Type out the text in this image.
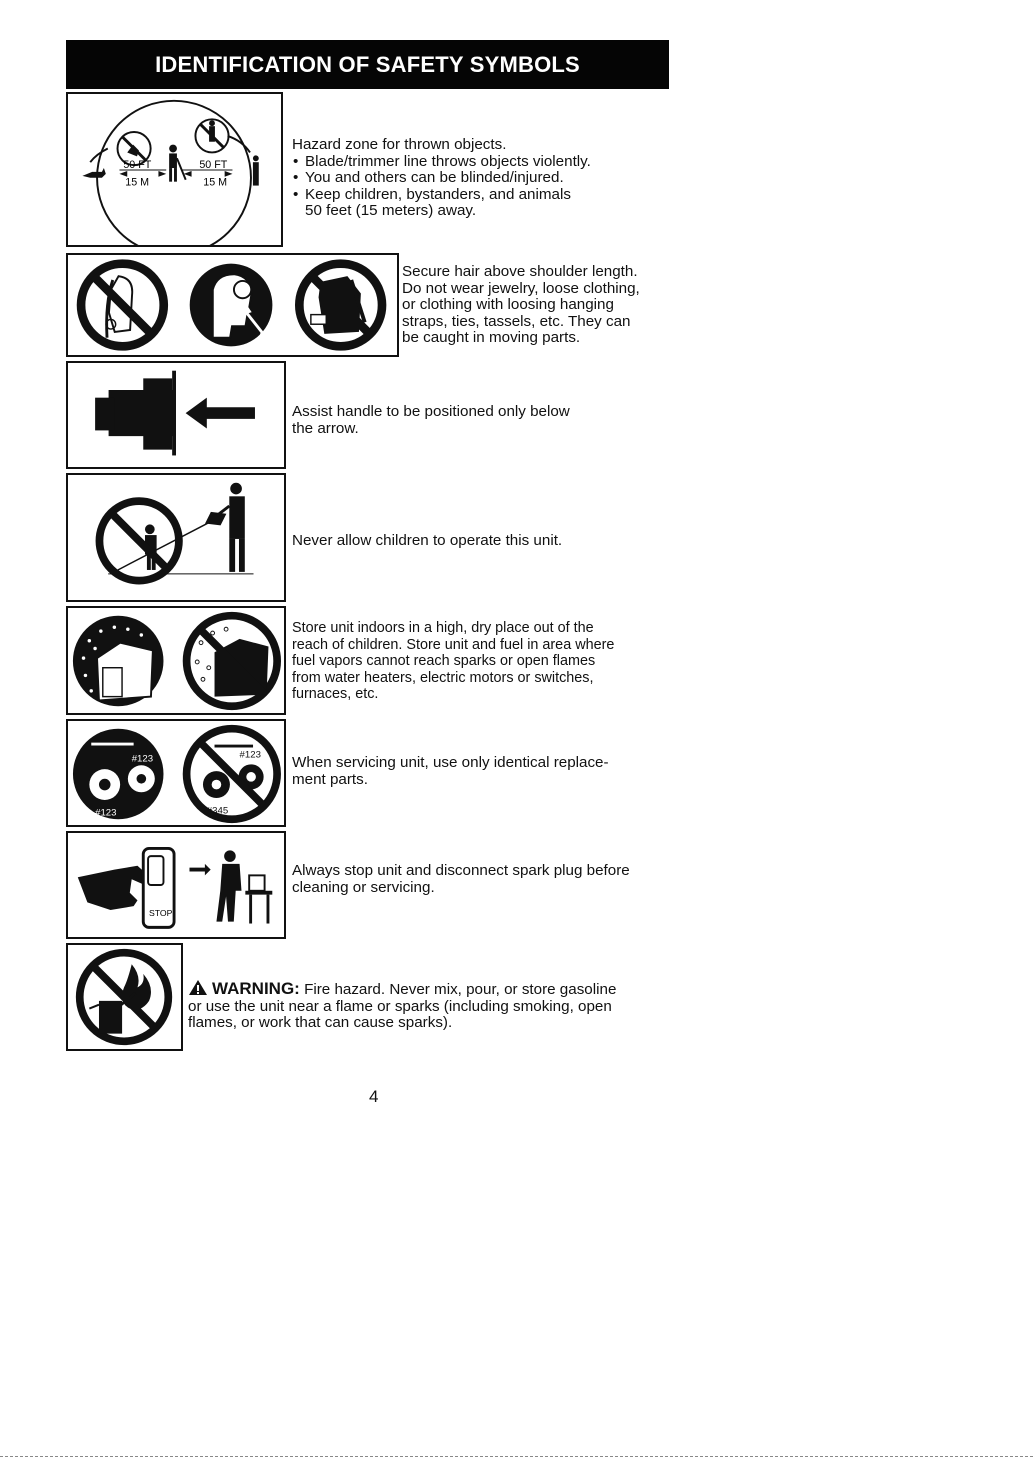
IDENTIFICATION OF SAFETY SYMBOLS
50 FT
15 M
50 FT
15 M

Hazard zone for thrown objects.

• Blade/trimmer line throws objects violently.
• You and others can be blinded/injured.
• Keep children, bystanders, and animals

50 feet (15 meters) away.

Secure hair above shoulder length.

Do not wear jewelry, loose clothing,

or clothing with loosing hanging

straps, ties, tassels, etc. They can

be caught in moving parts.

Assist handle to be positioned only below

the arrow.

Never allow children to operate this unit.

Store unit indoors in a high, dry place out of the

reach of children. Store unit and fuel in area where

fuel vapors cannot reach sparks or open flames

from water heaters, electric motors or switches,

furnaces, etc.

#123
#123
#123
#345

When servicing unit, use only identical replace-

ment parts.

STOP

Always stop unit and disconnect spark plug before

cleaning or servicing.

WARNING: Fire hazard. Never mix, pour, or store gasoline

or use the unit near a flame or sparks (including smoking, open

flames, or work that can cause sparks).

4
